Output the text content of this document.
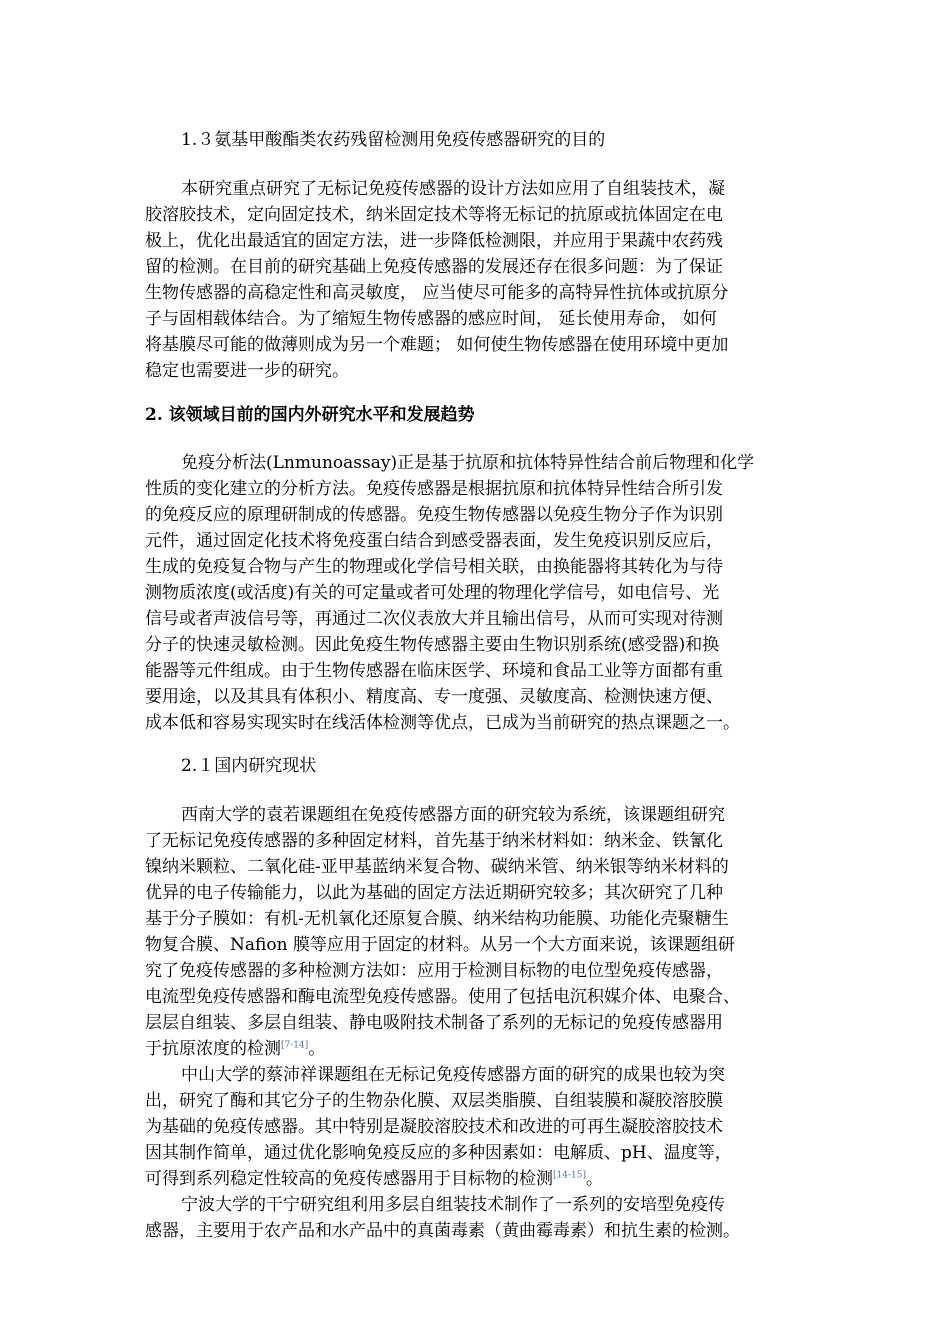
1.３氨基甲酸酯类农药残留检测用免疫传感器研究的目的
本研究重点研究了无标记免疫传感器的设计方法如应用了自组装技术，凝
胶溶胶技术，定向固定技术，纳米固定技术等将无标记的抗原或抗体固定在电
极上，优化出最适宜的固定方法，进一步降低检测限，并应用于果蔬中农药残
留的检测。在目前的研究基础上免疫传感器的发展还存在很多问题：为了保证
生物传感器的高稳定性和高灵敏度， 应当使尽可能多的高特异性抗体或抗原分
子与固相载体结合。为了缩短生物传感器的感应时间， 延长使用寿命， 如何
将基膜尽可能的做薄则成为另一个难题； 如何使生物传感器在使用环境中更加
稳定也需要进一步的研究。
2. 该领域目前的国内外研究水平和发展趋势
免疫分析法(Lnmunoassay)正是基于抗原和抗体特异性结合前后物理和化学
性质的变化建立的分析方法。免疫传感器是根据抗原和抗体特异性结合所引发
的免疫反应的原理研制成的传感器。免疫生物传感器以免疫生物分子作为识别
元件，通过固定化技术将免疫蛋白结合到感受器表面，发生免疫识别反应后，
生成的免疫复合物与产生的物理或化学信号相关联，由换能器将其转化为与待
测物质浓度(或活度)有关的可定量或者可处理的物理化学信号，如电信号、光
信号或者声波信号等，再通过二次仪表放大并且输出信号，从而可实现对待测
分子的快速灵敏检测。因此免疫生物传感器主要由生物识别系统(感受器)和换
能器等元件组成。由于生物传感器在临床医学、环境和食品工业等方面都有重
要用途，以及其具有体积小、精度高、专一度强、灵敏度高、检测快速方便、
成本低和容易实现实时在线活体检测等优点，已成为当前研究的热点课题之一。
2.１国内研究现状
西南大学的袁若课题组在免疫传感器方面的研究较为系统，该课题组研究
了无标记免疫传感器的多种固定材料，首先基于纳米材料如：纳米金、铁氰化
镍纳米颗粒、二氧化硅-亚甲基蓝纳米复合物、碳纳米管、纳米银等纳米材料的
优异的电子传输能力，以此为基础的固定方法近期研究较多；其次研究了几种
基于分子膜如：有机-无机氧化还原复合膜、纳米结构功能膜、功能化壳聚糖生
物复合膜、Nafion 膜等应用于固定的材料。从另一个大方面来说，该课题组研
究了免疫传感器的多种检测方法如：应用于检测目标物的电位型免疫传感器，
电流型免疫传感器和酶电流型免疫传感器。使用了包括电沉积媒介体、电聚合、
层层自组装、多层自组装、静电吸附技术制备了系列的无标记的免疫传感器用
于抗原浓度的检测[7-14]。
中山大学的蔡沛祥课题组在无标记免疫传感器方面的研究的成果也较为突
出，研究了酶和其它分子的生物杂化膜、双层类脂膜、自组装膜和凝胶溶胶膜
为基础的免疫传感器。其中特别是凝胶溶胶技术和改进的可再生凝胶溶胶技术
因其制作简单，通过优化影响免疫反应的多种因素如：电解质、pH、温度等，
可得到系列稳定性较高的免疫传感器用于目标物的检测[14-15]。
宁波大学的干宁研究组利用多层自组装技术制作了一系列的安培型免疫传
感器，主要用于农产品和水产品中的真菌毒素（黄曲霉毒素）和抗生素的检测。
